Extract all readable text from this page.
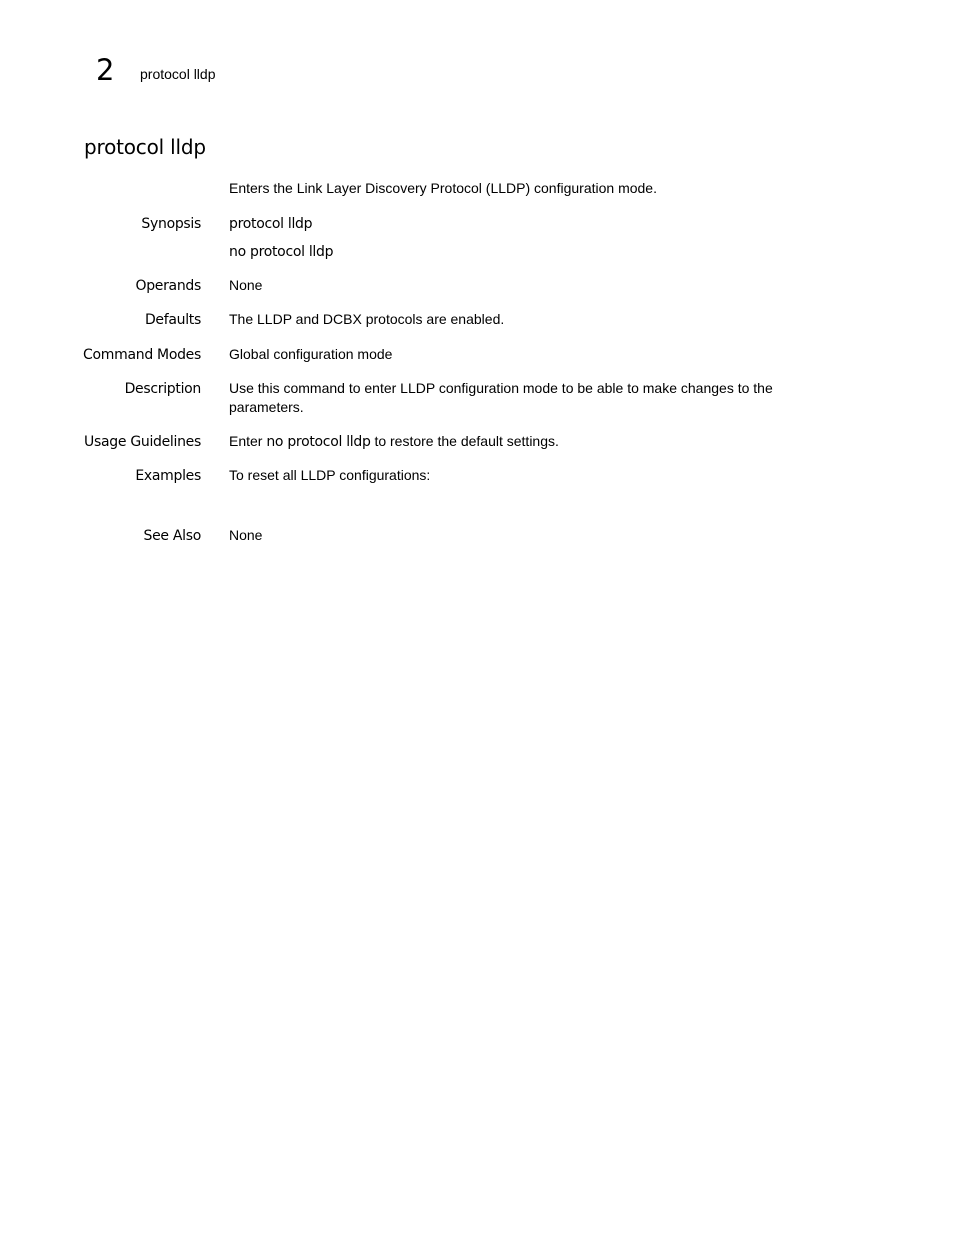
2 protocol lldp
protocol lldp
Enters the Link Layer Discovery Protocol (LLDP) configuration mode.
Synopsis protocol lldp
no protocol lldp
Operands None
Defaults The LLDP and DCBX protocols are enabled.
Command Modes Global configuration mode
Description Use this command to enter LLDP configuration mode to be able to make changes to the
parameters.
Usage Guidelines Enter no protocol lldp to restore the default settings.
Examples To reset all LLDP configurations:
See Also None
